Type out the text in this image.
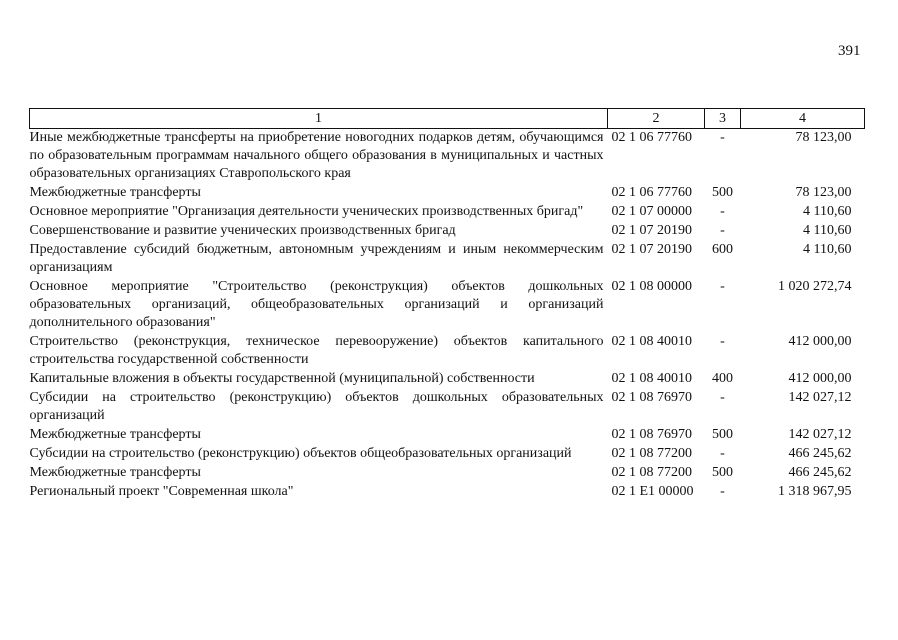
391
1	2	3	4
Иные межбюджетные трансферты на приобретение новогодних подарков детям, обучающимся по образовательным программам начального общего образования в муниципальных и частных образовательных организациях Ставропольского края	02 1 06 77760	-	78 123,00
Межбюджетные трансферты	02 1 06 77760	500	78 123,00
Основное мероприятие "Организация деятельности ученических производственных бригад"	02 1 07 00000	-	4 110,60
Совершенствование и развитие ученических производственных бригад	02 1 07 20190	-	4 110,60
Предоставление субсидий бюджетным, автономным учреждениям и иным некоммерческим организациям	02 1 07 20190	600	4 110,60
Основное мероприятие "Строительство (реконструкция) объектов дошкольных образовательных организаций, общеобразовательных организаций и организаций дополнительного образования"	02 1 08 00000	-	1 020 272,74
Строительство (реконструкция, техническое перевооружение) объектов капитального строительства государственной собственности	02 1 08 40010	-	412 000,00
Капитальные вложения в объекты государственной (муниципальной) собственности	02 1 08 40010	400	412 000,00
Субсидии на строительство (реконструкцию) объектов дошкольных образовательных организаций	02 1 08 76970	-	142 027,12
Межбюджетные трансферты	02 1 08 76970	500	142 027,12
Субсидии на строительство (реконструкцию) объектов общеобразовательных организаций	02 1 08 77200	-	466 245,62
Межбюджетные трансферты	02 1 08 77200	500	466 245,62
Региональный проект "Современная школа"	02 1 E1 00000	-	1 318 967,95
